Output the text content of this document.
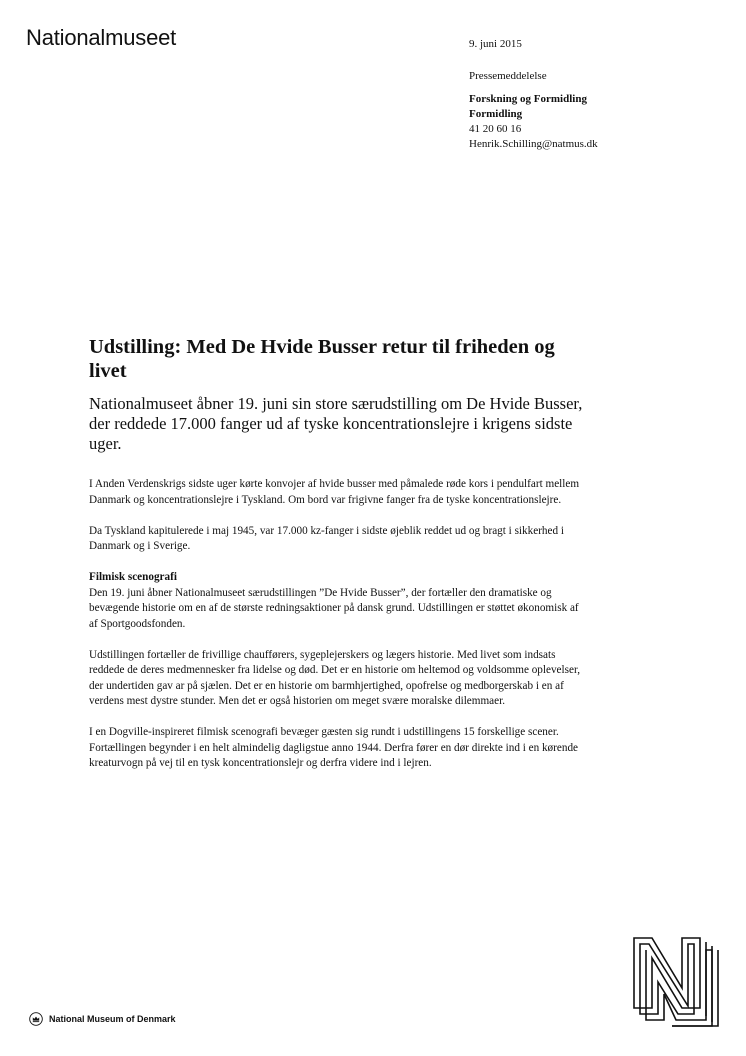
Nationalmuseet	9. juni 2015
Pressemeddelelse
Forskning og Formidling
Formidling
41 20 60 16
Henrik.Schilling@natmus.dk
Udstilling: Med De Hvide Busser retur til friheden og livet

Nationalmuseet åbner 19. juni sin store særudstilling om De Hvide Busser, der reddede 17.000 fanger ud af tyske koncentrationslejre i krigens sidste uger.

I Anden Verdenskrigs sidste uger kørte konvojer af hvide busser med påmalede røde kors i pendulfart mellem Danmark og koncentrationslejre i Tyskland. Om bord var frigivne fanger fra de tyske koncentrationslejre.

Da Tyskland kapitulerede i maj 1945, var 17.000 kz-fanger i sidste øjeblik reddet ud og bragt i sikkerhed i Danmark og i Sverige.

Filmisk scenografi
Den 19. juni åbner Nationalmuseet særudstillingen ”De Hvide Busser”, der fortæller den dramatiske og bevægende historie om en af de største redningsaktioner på dansk grund. Udstillingen er støttet økonomisk af af Sportgoodsfonden.

Udstillingen fortæller de frivillige chaufførers, sygeplejerskers og lægers historie. Med livet som indsats reddede de deres medmennesker fra lidelse og død. Det er en historie om heltemod og voldsomme oplevelser, der undertiden gav ar på sjælen. Det er en historie om barmhjertighed, opofrelse og medborgerskab i en af verdens mest dystre stunder. Men det er også historien om meget svære moralske dilemmaer.

I en Dogville-inspireret filmisk scenografi bevæger gæsten sig rundt i udstillingens 15 forskellige scener. Fortællingen begynder i en helt almindelig dagligstue anno 1944. Derfra fører en dør direkte ind i en kørende kreaturvogn på vej til en tysk koncentrationslejr og derfra videre ind i lejren.

National Museum of Denmark
